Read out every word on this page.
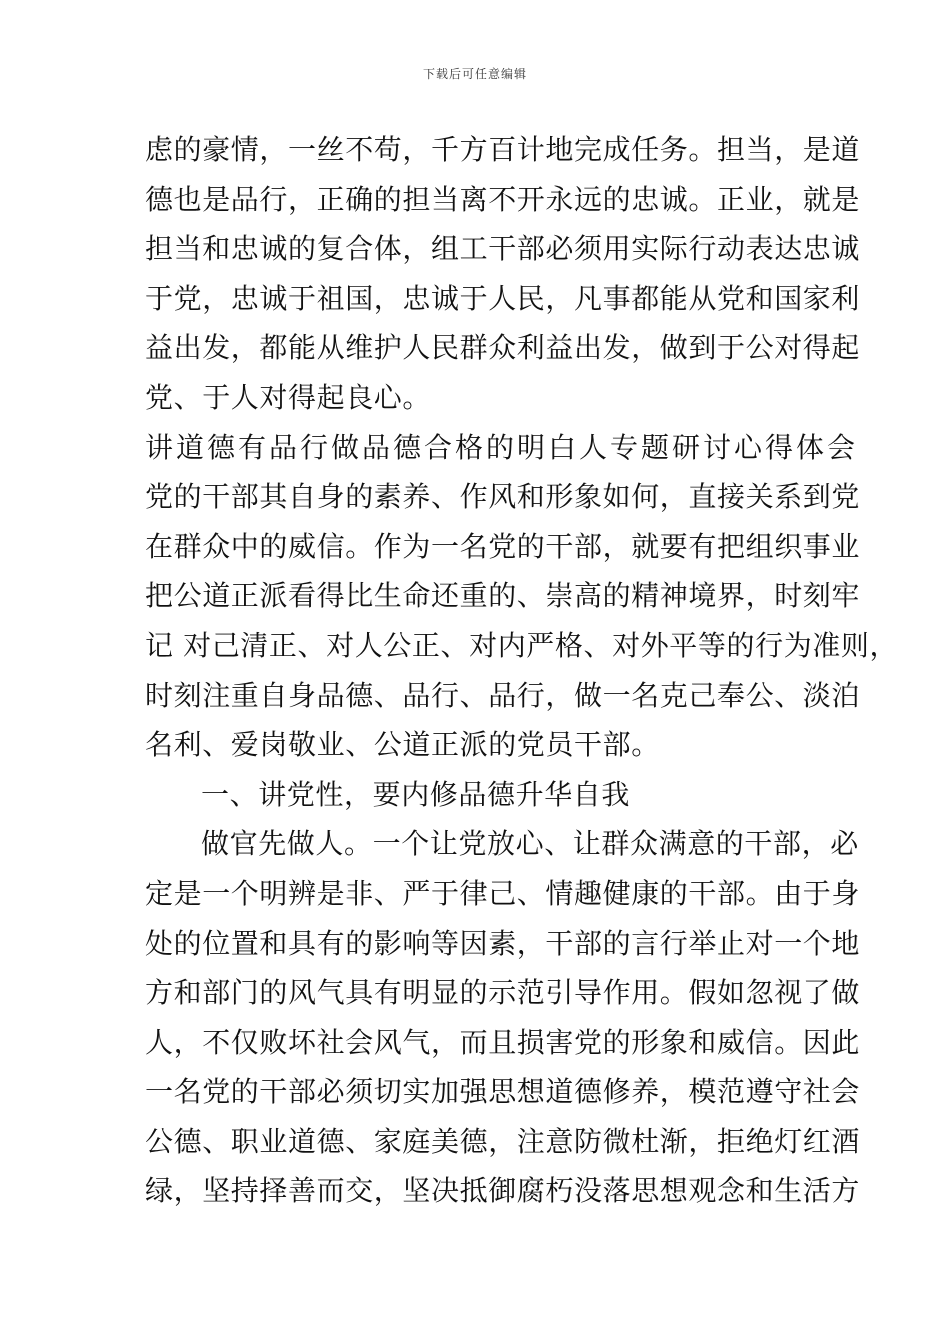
下载后可任意编辑
虑的豪情，一丝不苟，千方百计地完成任务。担当，是道
德也是品行，正确的担当离不开永远的忠诚。正业，就是
担当和忠诚的复合体，组工干部必须用实际行动表达忠诚
于党，忠诚于祖国，忠诚于人民，凡事都能从党和国家利
益出发，都能从维护人民群众利益出发，做到于公对得起
党、于人对得起良心。
讲道德有品行做品德合格的明白人专题研讨心得体会
党的干部其自身的素养、作风和形象如何，直接关系到党
在群众中的威信。作为一名党的干部，就要有把组织事业
把公道正派看得比生命还重的、崇高的精神境界，时刻牢
记 对己清正、对人公正、对内严格、对外平等的行为准则，
时刻注重自身品德、品行、品行，做一名克己奉公、淡泊
名利、爱岗敬业、公道正派的党员干部。
一、讲党性，要内修品德升华自我
做官先做人。一个让党放心、让群众满意的干部，必
定是一个明辨是非、严于律己、情趣健康的干部。由于身
处的位置和具有的影响等因素，干部的言行举止对一个地
方和部门的风气具有明显的示范引导作用。假如忽视了做
人，不仅败坏社会风气，而且损害党的形象和威信。因此
一名党的干部必须切实加强思想道德修养，模范遵守社会
公德、职业道德、家庭美德，注意防微杜渐，拒绝灯红酒
绿，坚持择善而交，坚决抵御腐朽没落思想观念和生活方
